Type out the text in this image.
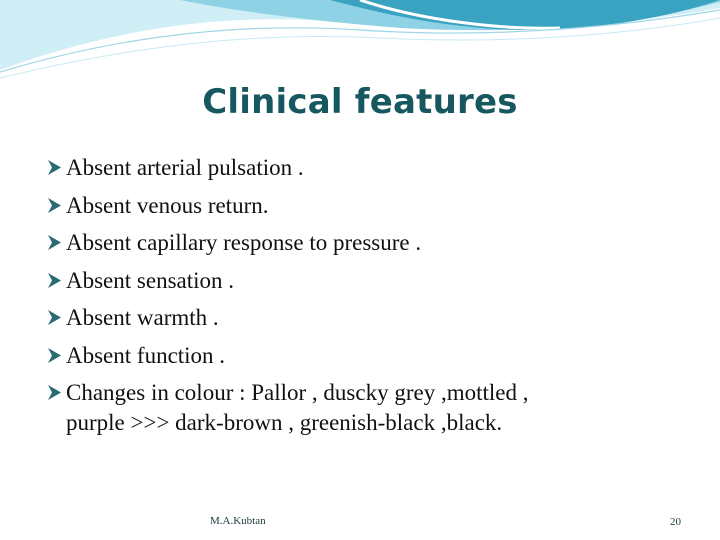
Clinical features
Absent arterial pulsation .
Absent venous return.
Absent capillary response to pressure .
Absent sensation .
Absent warmth .
Absent function .
Changes in colour : Pallor , duscky grey ,mottled ,
purple >>> dark-brown , greenish-black ,black.
M.A.Kubtan	20
